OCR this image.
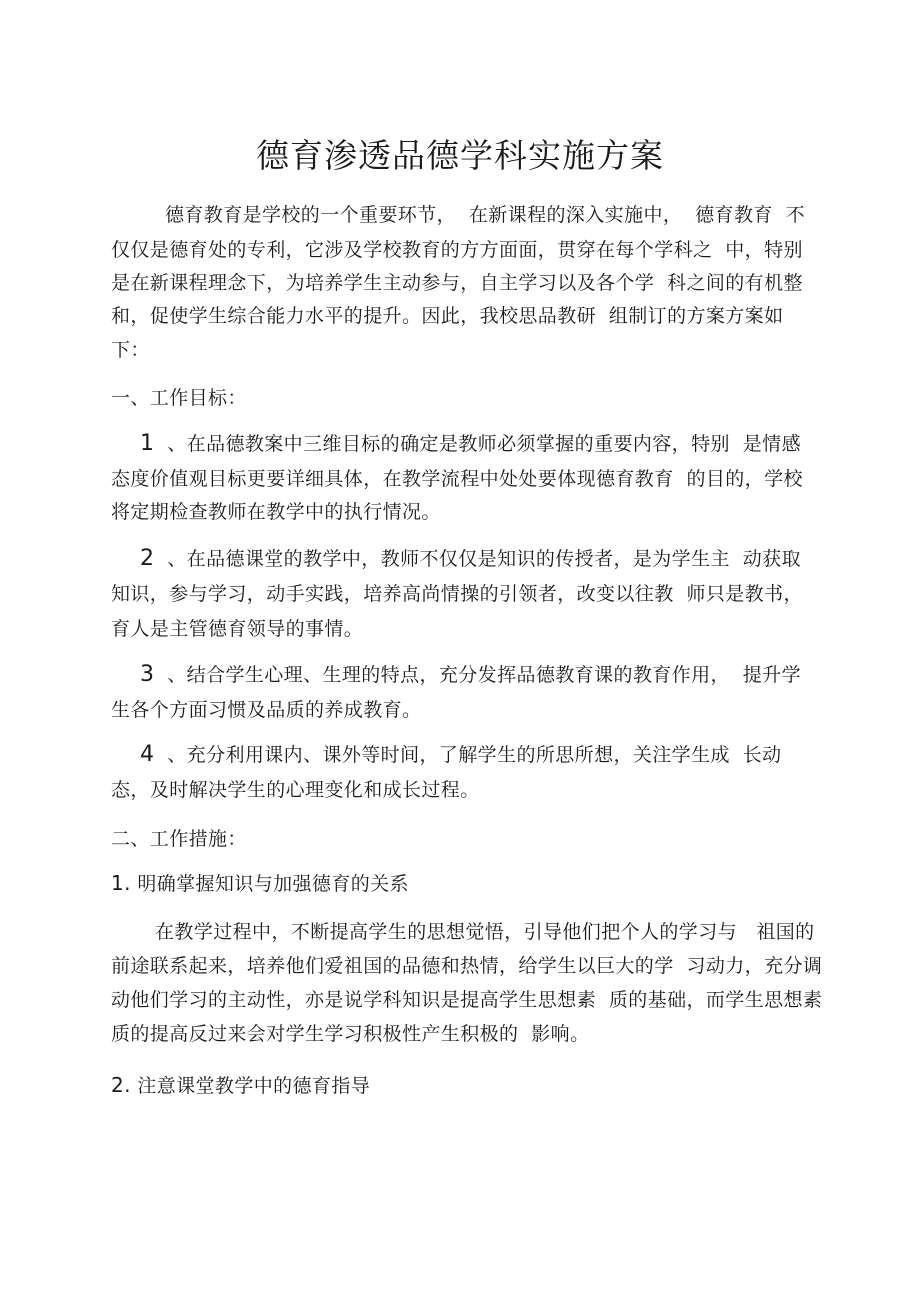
德育渗透品德学科实施方案
德育教育是学校的一个重要环节，  在新课程的深入实施中，  德育教育  不
仅仅是德育处的专利，它涉及学校教育的方方面面，贯穿在每个学科之  中，特别
是在新课程理念下，为培养学生主动参与，自主学习以及各个学  科之间的有机整
和，促使学生综合能力水平的提升。因此，我校思品教研  组制订的方案方案如
下：
一、工作目标：
1  、在品德教案中三维目标的确定是教师必须掌握的重要内容，特别  是情感
态度价值观目标更要详细具体，在教学流程中处处要体现德育教育  的目的，学校
将定期检查教师在教学中的执行情况。
2  、在品德课堂的教学中，教师不仅仅是知识的传授者，是为学生主  动获取
知识，参与学习，动手实践，培养高尚情操的引领者，改变以往教  师只是教书，
育人是主管德育领导的事情。
3  、结合学生心理、生理的特点，充分发挥品德教育课的教育作用，  提升学
生各个方面习惯及品质的养成教育。
4  、充分利用课内、课外等时间，了解学生的所思所想，关注学生成  长动
态，及时解决学生的心理变化和成长过程。
二、工作措施：
1. 明确掌握知识与加强德育的关系
在教学过程中，不断提高学生的思想觉悟，引导他们把个人的学习与   祖国的
前途联系起来，培养他们爱祖国的品德和热情，给学生以巨大的学  习动力，充分调
动他们学习的主动性，亦是说学科知识是提高学生思想素  质的基础，而学生思想素
质的提高反过来会对学生学习积极性产生积极的  影响。
2. 注意课堂教学中的德育指导
